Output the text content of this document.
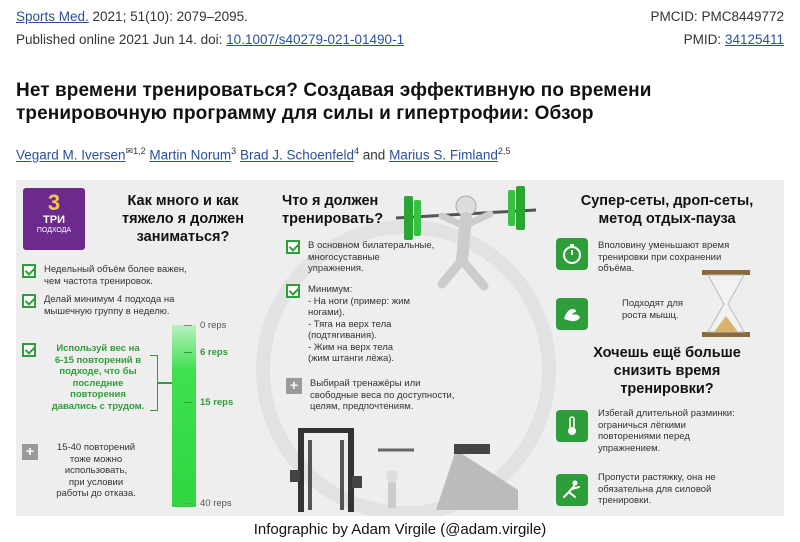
Sports Med. 2021; 51(10): 2079–2095.	PMCID: PMC8449772
Published online 2021 Jun 14. doi: 10.1007/s40279-021-01490-1	PMID: 34125411
Нет времени тренироваться? Создавая эффективную по времени
тренировочную программу для силы и гипертрофии: Обзор
Vegard M. Iversen$^{✉1,2}$ Martin Norum$^3$ Brad J. Schoenfeld$^4$ and Marius S. Fimland$^{2,5}$
3
ТРИ
ПОДХОДА
Как много и как
тяжело я должен
заниматься?
Недельный объём более важен,
чем частота тренировок.
Делай минимум 4 подхода на
мышечную группу в неделю.
Используй вес на
6-15 повторений в
подходе, что бы
последние
повторения
давались с трудом.
+	15-40 повторений
тоже можно
использовать,
при условии
работы до отказа.
0 reps
6 reps
15 reps
40 reps
Что я должен
тренировать?
В основном билатеральные,
многосуставные
упражнения.
Минимум:
- На ноги (пример: жим
ногами).
- Тяга на верх тела
(подтягивания).
- Жим на верх тела
(жим штанги лёжа).
+	Выбирай тренажёры или
свободные веса по доступности,
целям, предпочтениям.
Супер-сеты, дроп-сеты,
метод отдых-пауза
Вполовину уменьшают время
тренировки при сохранении
объёма.
Подходят для
роста мышц.
Хочешь ещё больше
снизить время
тренировки?
Избегай длительной разминки:
ограничься лёгкими
повторениями перед
упражнением.
Пропусти растяжку, она не
обязательна для силовой
тренировки.
Infographic by Adam Virgile (@adam.virgile)
